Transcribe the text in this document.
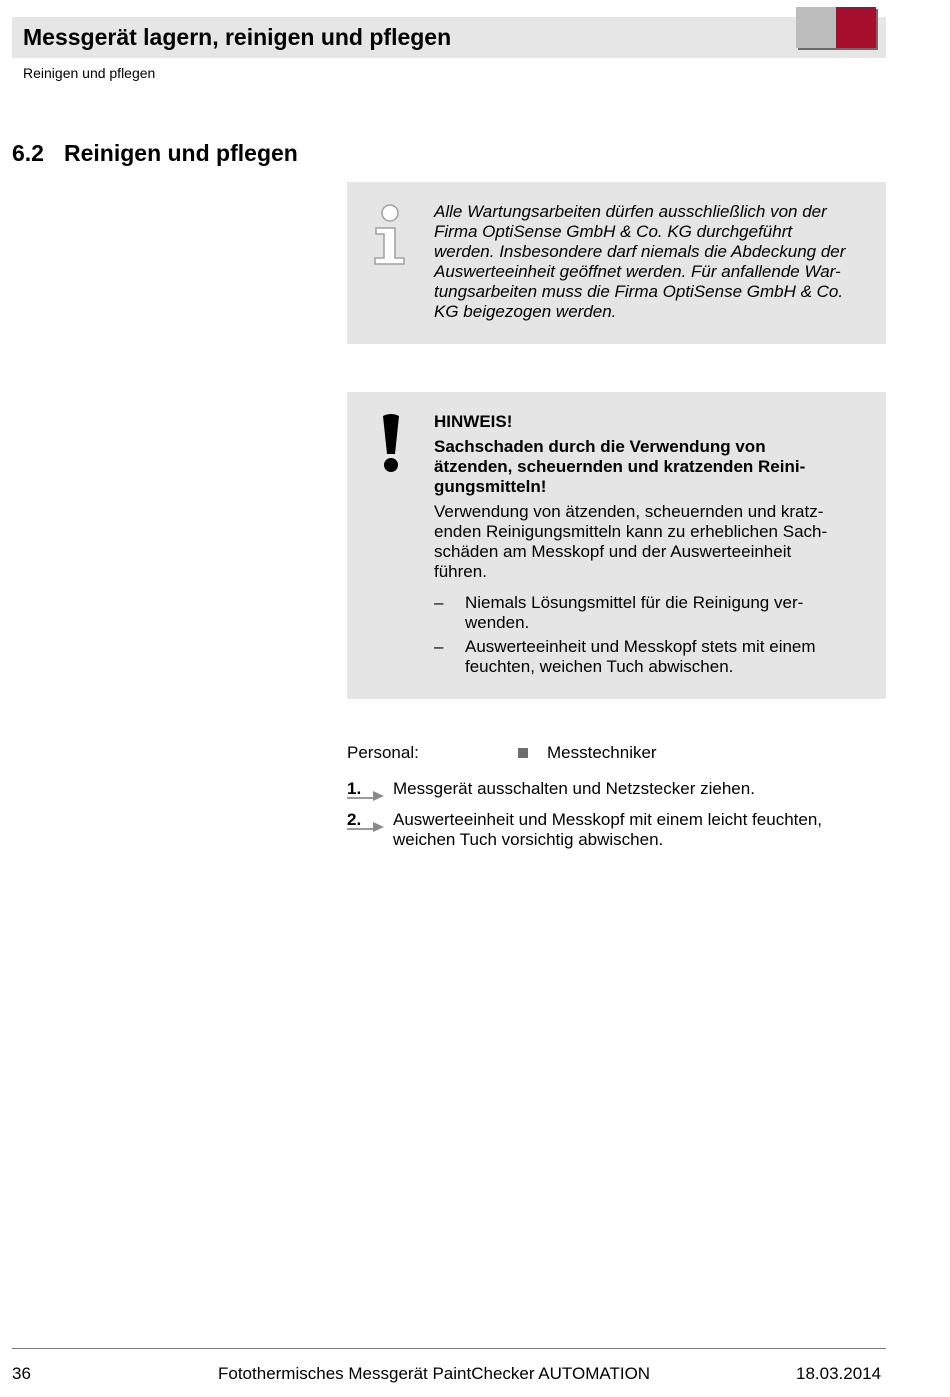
Messgerät lagern, reinigen und pflegen
Reinigen und pflegen
6.2 Reinigen und pflegen
Alle Wartungsarbeiten dürfen ausschließlich von der
Firma OptiSense GmbH & Co. KG durchgeführt
werden. Insbesondere darf niemals die Abdeckung der
Auswerteeinheit geöffnet werden. Für anfallende War-
tungsarbeiten muss die Firma OptiSense GmbH & Co.
KG beigezogen werden.
HINWEIS!
Sachschaden durch die Verwendung von
ätzenden, scheuernden und kratzenden Reini-
gungsmitteln!
Verwendung von ätzenden, scheuernden und kratz-
enden Reinigungsmitteln kann zu erheblichen Sach-
schäden am Messkopf und der Auswerteeinheit
führen.
– Niemals Lösungsmittel für die Reinigung ver-
wenden.
– Auswerteeinheit und Messkopf stets mit einem
feuchten, weichen Tuch abwischen.
Personal:	Messtechniker
1. Messgerät ausschalten und Netzstecker ziehen.
2. Auswerteeinheit und Messkopf mit einem leicht feuchten,
weichen Tuch vorsichtig abwischen.
36	Fotothermisches Messgerät PaintChecker AUTOMATION	18.03.2014
